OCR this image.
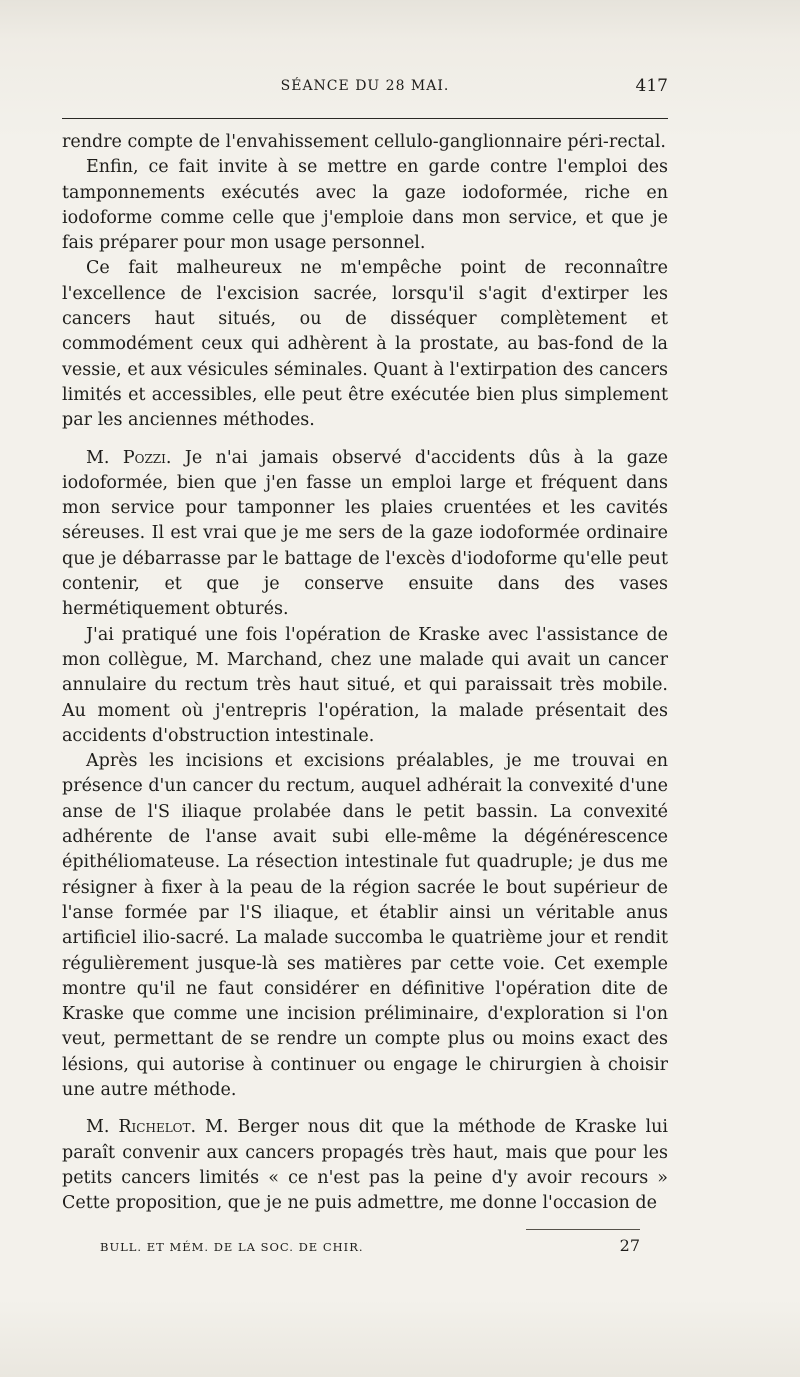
SÉANCE DU 28 MAI.	417

rendre compte de l'envahissement cellulo-ganglionnaire péri-rectal.

Enfin, ce fait invite à se mettre en garde contre l'emploi des tamponnements exécutés avec la gaze iodoformée, riche en iodoforme comme celle que j'emploie dans mon service, et que je fais préparer pour mon usage personnel.

Ce fait malheureux ne m'empêche point de reconnaître l'excellence de l'excision sacrée, lorsqu'il s'agit d'extirper les cancers haut situés, ou de disséquer complètement et commodément ceux qui adhèrent à la prostate, au bas-fond de la vessie, et aux vésicules séminales. Quant à l'extirpation des cancers limités et accessibles, elle peut être exécutée bien plus simplement par les anciennes méthodes.

M. Pozzi. Je n'ai jamais observé d'accidents dûs à la gaze iodoformée, bien que j'en fasse un emploi large et fréquent dans mon service pour tamponner les plaies cruentées et les cavités séreuses. Il est vrai que je me sers de la gaze iodoformée ordinaire que je débarrasse par le battage de l'excès d'iodoforme qu'elle peut contenir, et que je conserve ensuite dans des vases hermétiquement obturés.

J'ai pratiqué une fois l'opération de Kraske avec l'assistance de mon collègue, M. Marchand, chez une malade qui avait un cancer annulaire du rectum très haut situé, et qui paraissait très mobile. Au moment où j'entrepris l'opération, la malade présentait des accidents d'obstruction intestinale.

Après les incisions et excisions préalables, je me trouvai en présence d'un cancer du rectum, auquel adhérait la convexité d'une anse de l'S iliaque prolabée dans le petit bassin. La convexité adhérente de l'anse avait subi elle-même la dégénérescence épithéliomateuse. La résection intestinale fut quadruple; je dus me résigner à fixer à la peau de la région sacrée le bout supérieur de l'anse formée par l'S iliaque, et établir ainsi un véritable anus artificiel ilio-sacré. La malade succomba le quatrième jour et rendit régulièrement jusque-là ses matières par cette voie. Cet exemple montre qu'il ne faut considérer en définitive l'opération dite de Kraske que comme une incision préliminaire, d'exploration si l'on veut, permettant de se rendre un compte plus ou moins exact des lésions, qui autorise à continuer ou engage le chirurgien à choisir une autre méthode.

M. Richelot. M. Berger nous dit que la méthode de Kraske lui paraît convenir aux cancers propagés très haut, mais que pour les petits cancers limités « ce n'est pas la peine d'y avoir recours » Cette proposition, que je ne puis admettre, me donne l'occasion de

BULL. ET MÉM. DE LA SOC. DE CHIR.	27
